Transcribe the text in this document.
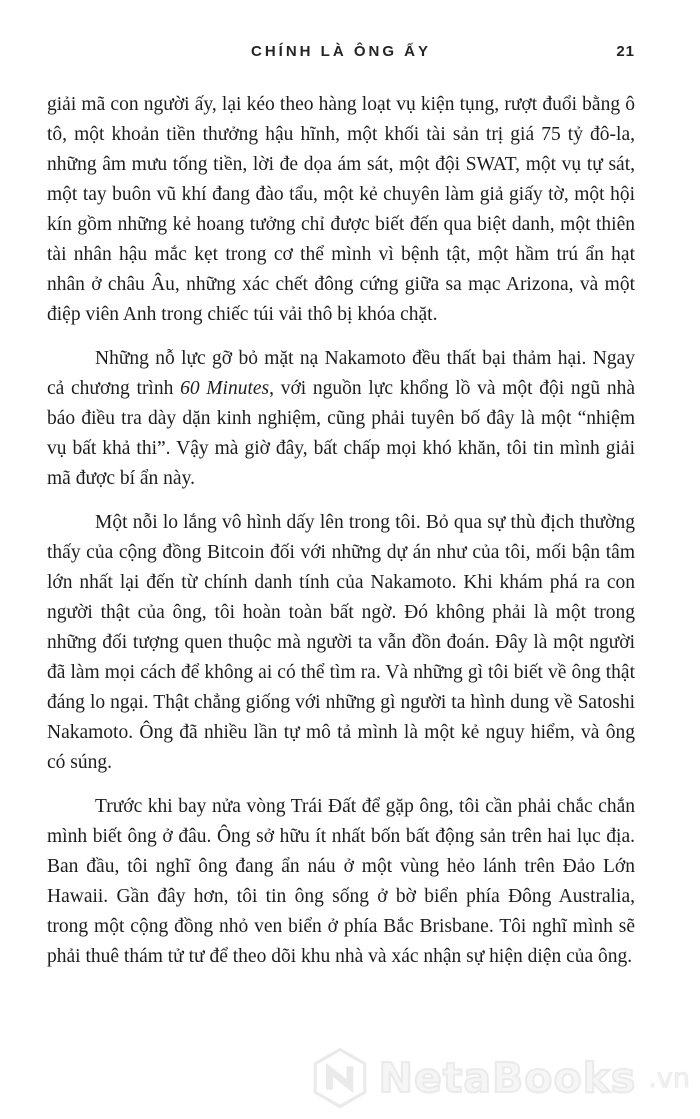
CHÍNH LÀ ÔNG ẤY	21

giải mã con người ấy, lại kéo theo hàng loạt vụ kiện tụng, rượt đuổi bằng ô tô, một khoản tiền thưởng hậu hĩnh, một khối tài sản trị giá 75 tỷ đô-la, những âm mưu tống tiền, lời đe dọa ám sát, một đội SWAT, một vụ tự sát, một tay buôn vũ khí đang đào tẩu, một kẻ chuyên làm giả giấy tờ, một hội kín gồm những kẻ hoang tưởng chỉ được biết đến qua biệt danh, một thiên tài nhân hậu mắc kẹt trong cơ thể mình vì bệnh tật, một hầm trú ẩn hạt nhân ở châu Âu, những xác chết đông cứng giữa sa mạc Arizona, và một điệp viên Anh trong chiếc túi vải thô bị khóa chặt.

Những nỗ lực gỡ bỏ mặt nạ Nakamoto đều thất bại thảm hại. Ngay cả chương trình 60 Minutes, với nguồn lực khổng lồ và một đội ngũ nhà báo điều tra dày dặn kinh nghiệm, cũng phải tuyên bố đây là một “nhiệm vụ bất khả thi”. Vậy mà giờ đây, bất chấp mọi khó khăn, tôi tin mình giải mã được bí ẩn này.

Một nỗi lo lắng vô hình dấy lên trong tôi. Bỏ qua sự thù địch thường thấy của cộng đồng Bitcoin đối với những dự án như của tôi, mối bận tâm lớn nhất lại đến từ chính danh tính của Nakamoto. Khi khám phá ra con người thật của ông, tôi hoàn toàn bất ngờ. Đó không phải là một trong những đối tượng quen thuộc mà người ta vẫn đồn đoán. Đây là một người đã làm mọi cách để không ai có thể tìm ra. Và những gì tôi biết về ông thật đáng lo ngại. Thật chẳng giống với những gì người ta hình dung về Satoshi Nakamoto. Ông đã nhiều lần tự mô tả mình là một kẻ nguy hiểm, và ông có súng.

Trước khi bay nửa vòng Trái Đất để gặp ông, tôi cần phải chắc chắn mình biết ông ở đâu. Ông sở hữu ít nhất bốn bất động sản trên hai lục địa. Ban đầu, tôi nghĩ ông đang ẩn náu ở một vùng hẻo lánh trên Đảo Lớn Hawaii. Gần đây hơn, tôi tin ông sống ở bờ biển phía Đông Australia, trong một cộng đồng nhỏ ven biển ở phía Bắc Brisbane. Tôi nghĩ mình sẽ phải thuê thám tử tư để theo dõi khu nhà và xác nhận sự hiện diện của ông.

NetaBooks .vn
